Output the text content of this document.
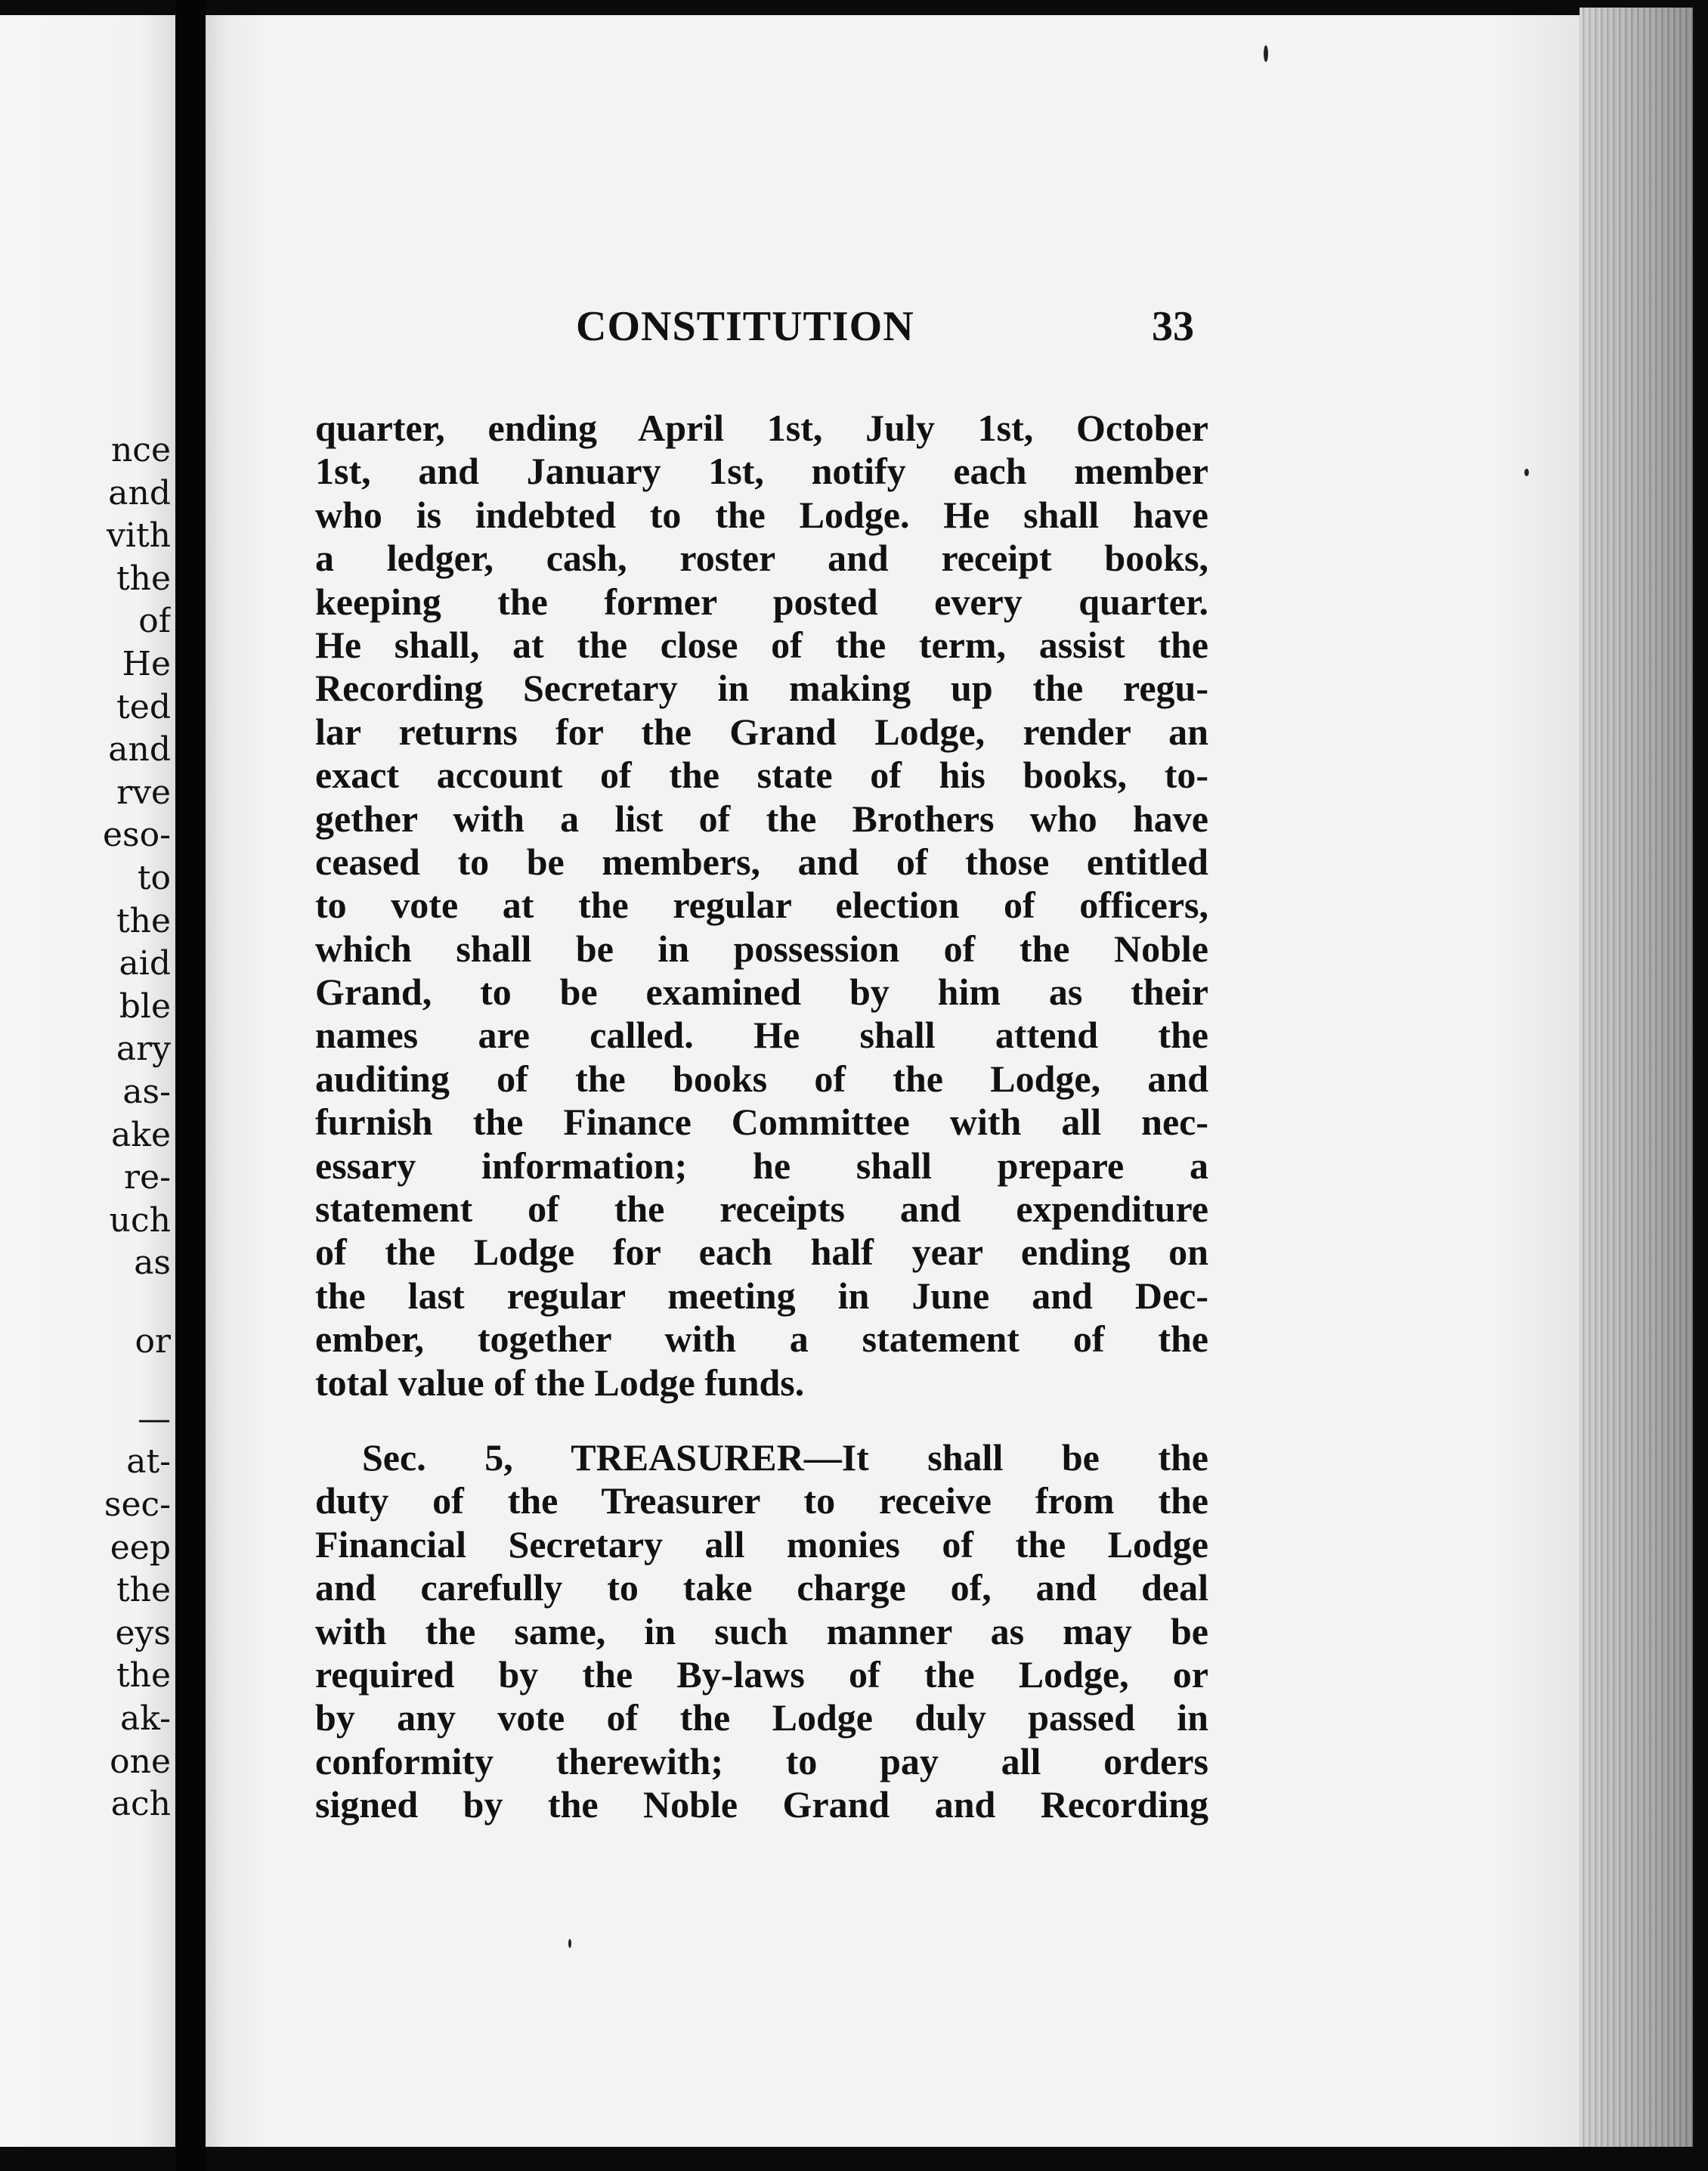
nce
and
vith
the
of
He
ted
and
rve
eso-
to
the
aid
ble
ary
as-
ake
re-
uch
as
or
—
at-
sec-
eep
the
eys
the
ak-
one
ach
CONSTITUTION	33
quarter, ending April 1st, July 1st, October
1st, and January 1st, notify each member
who is indebted to the Lodge. He shall have
a ledger, cash, roster and receipt books,
keeping the former posted every quarter.
He shall, at the close of the term, assist the
Recording Secretary in making up the regu-
lar returns for the Grand Lodge, render an
exact account of the state of his books, to-
gether with a list of the Brothers who have
ceased to be members, and of those entitled
to vote at the regular election of officers,
which shall be in possession of the Noble
Grand, to be examined by him as their
names are called. He shall attend the
auditing of the books of the Lodge, and
furnish the Finance Committee with all nec-
essary information; he shall prepare a
statement of the receipts and expenditure
of the Lodge for each half year ending on
the last regular meeting in June and Dec-
ember, together with a statement of the
total value of the Lodge funds.
Sec. 5, TREASURER—It shall be the
duty of the Treasurer to receive from the
Financial Secretary all monies of the Lodge
and carefully to take charge of, and deal
with the same, in such manner as may be
required by the By-laws of the Lodge, or
by any vote of the Lodge duly passed in
conformity therewith; to pay all orders
signed by the Noble Grand and Recording
